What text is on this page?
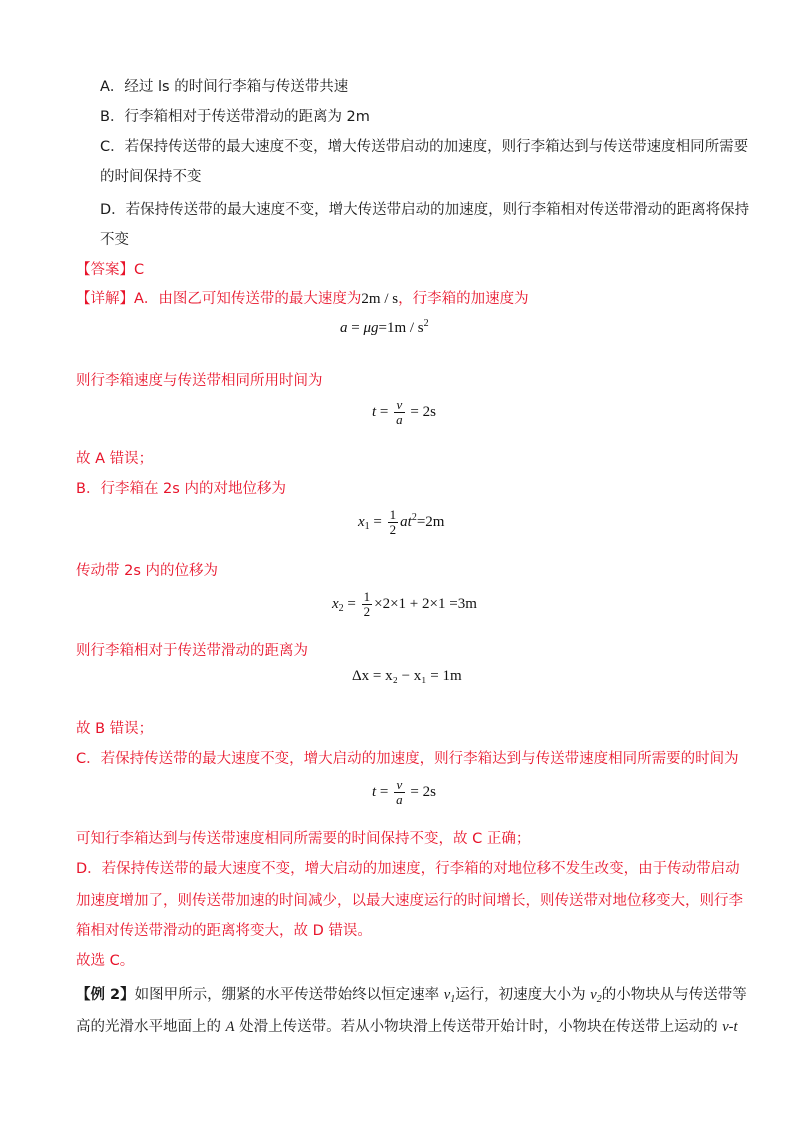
A．经过 ls 的时间行李箱与传送带共速
B．行李箱相对于传送带滑动的距离为 2m
C．若保持传送带的最大速度不变，增大传送带启动的加速度，则行李箱达到与传送带速度相同所需要
的时间保持不变
D．若保持传送带的最大速度不变，增大传送带启动的加速度，则行李箱相对传送带滑动的距离将保持
不变
【答案】C
【详解】A．由图乙可知传送带的最大速度为2m / s，行李箱的加速度为
$a = \mu g=1m / s^2$
则行李箱速度与传送带相同所用时间为
$t = \frac{v}{a} = 2s$
故 A 错误；
B．行李箱在 2s 内的对地位移为
$x_1 = \frac{1}{2} at^2=2m$
传动带 2s 内的位移为
$x_2 = \frac{1}{2} \times 2\times 1 + 2\times 1 =3m$
则行李箱相对于传送带滑动的距离为
Δx = x₂ − x₁ = 1m
故 B 错误；
C．若保持传送带的最大速度不变，增大启动的加速度，则行李箱达到与传送带速度相同所需要的时间为
$t = \frac{v}{a} = 2s$
可知行李箱达到与传送带速度相同所需要的时间保持不变，故 C 正确；
D．若保持传送带的最大速度不变，增大启动的加速度，行李箱的对地位移不发生改变，由于传动带启动
加速度增加了，则传送带加速的时间减少，以最大速度运行的时间增长，则传送带对地位移变大，则行李
箱相对传送带滑动的距离将变大，故 D 错误。
故选 C。
【例 2】如图甲所示，绷紧的水平传送带始终以恒定速率 $v_1$运行，初速度大小为 $v_2$的小物块从与传送带等
高的光滑水平地面上的 A 处滑上传送带。若从小物块滑上传送带开始计时，小物块在传送带上运动的 v-t
